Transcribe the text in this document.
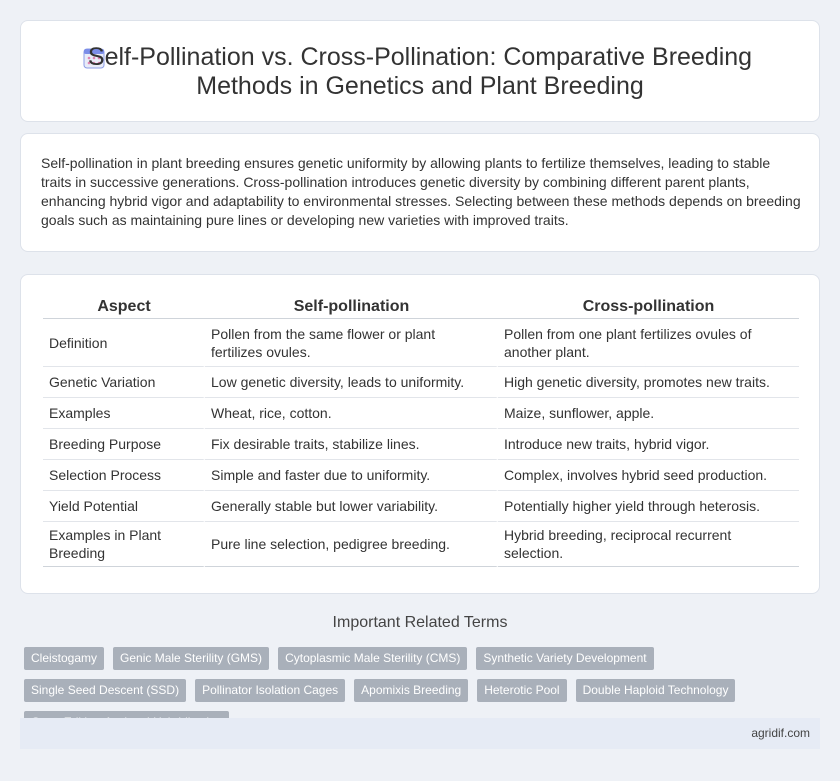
Self-Pollination vs. Cross-Pollination: Comparative Breeding Methods in Genetics and Plant Breeding

Self-pollination in plant breeding ensures genetic uniformity by allowing plants to fertilize themselves, leading to stable traits in successive generations. Cross-pollination introduces genetic diversity by combining different parent plants, enhancing hybrid vigor and adaptability to environmental stresses. Selecting between these methods depends on breeding goals such as maintaining pure lines or developing new varieties with improved traits.

Aspect	Self-pollination	Cross-pollination
Definition	Pollen from the same flower or plant fertilizes ovules.	Pollen from one plant fertilizes ovules of another plant.
Genetic Variation	Low genetic diversity, leads to uniformity.	High genetic diversity, promotes new traits.
Examples	Wheat, rice, cotton.	Maize, sunflower, apple.
Breeding Purpose	Fix desirable traits, stabilize lines.	Introduce new traits, hybrid vigor.
Selection Process	Simple and faster due to uniformity.	Complex, involves hybrid seed production.
Yield Potential	Generally stable but lower variability.	Potentially higher yield through heterosis.
Examples in Plant Breeding	Pure line selection, pedigree breeding.	Hybrid breeding, reciprocal recurrent selection.
Important Related Terms
Cleistogamy	Genic Male Sterility (GMS)	Cytoplasmic Male Sterility (CMS)	Synthetic Variety Development
Single Seed Descent (SSD)	Pollinator Isolation Cages	Apomixis Breeding	Heterotic Pool	Double Haploid Technology
agridif.com
